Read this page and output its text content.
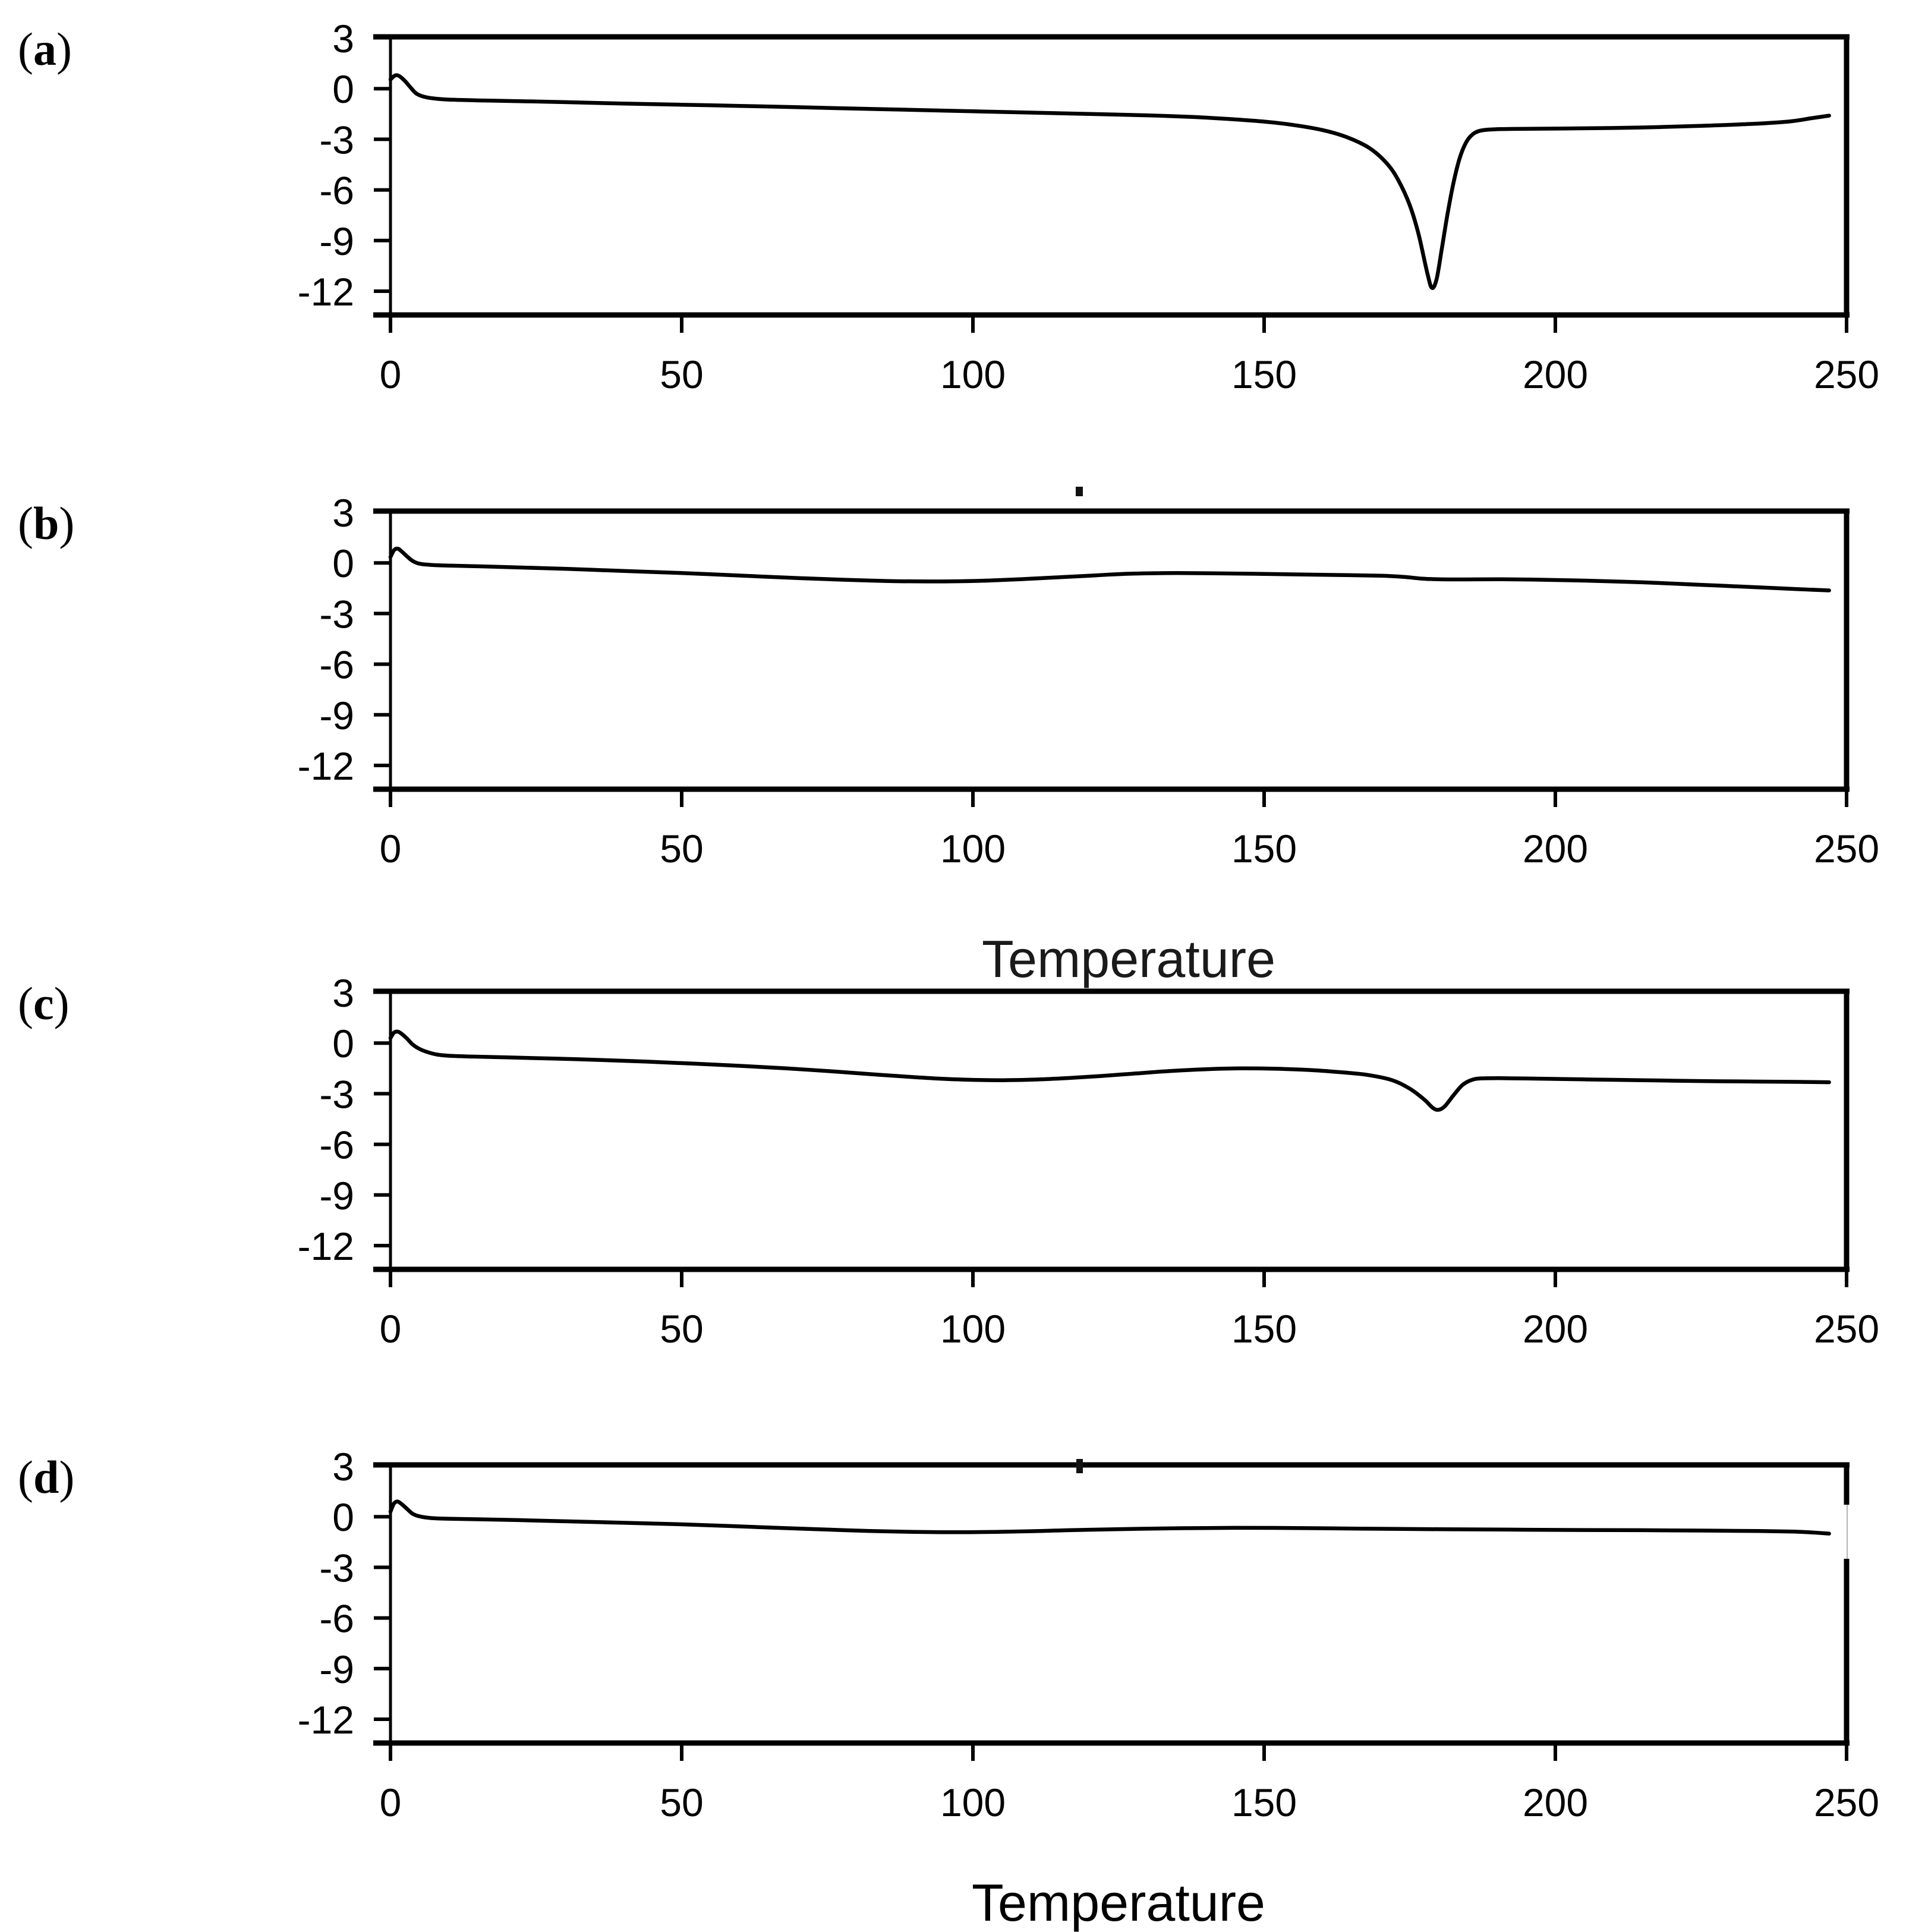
3
0
-3
-6
-9
-12
0	50	100	150	200	250
3
0
-3
-6
-9
-12
0	50	100	150	200	250
3
0
-3
-6
-9
-12
0	50	100	150	200	250
3
0
-3
-6
-9
-12
0	50	100	150	200	250
(a)
(b)
(c)
(d)
Temperature
Temperature
